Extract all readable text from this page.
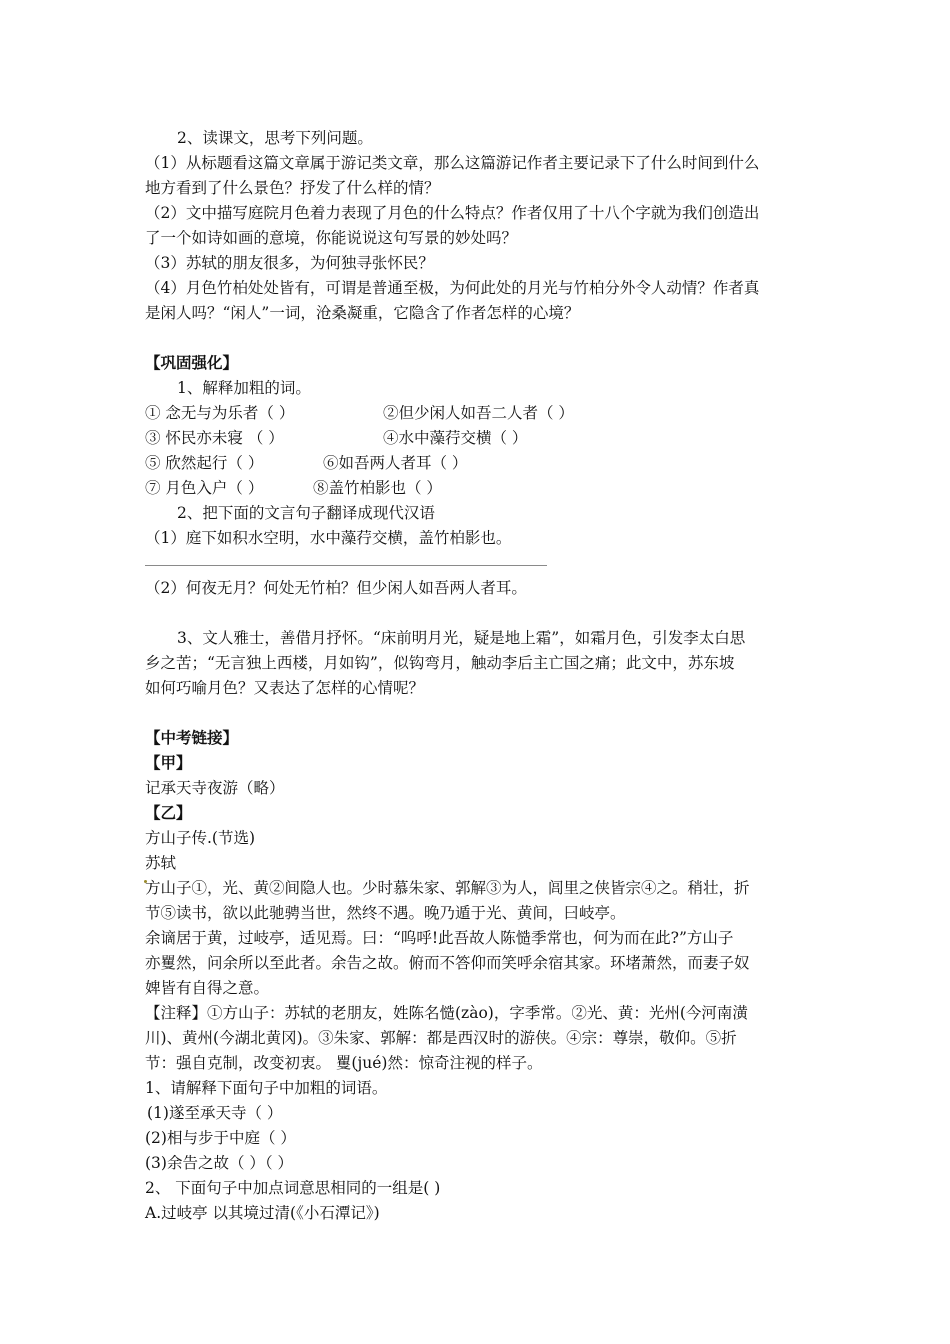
2、读课文，思考下列问题。

（1）从标题看这篇文章属于游记类文章，那么这篇游记作者主要记录下了什么时间到什么

地方看到了什么景色？抒发了什么样的情？

（2）文中描写庭院月色着力表现了月色的什么特点？作者仅用了十八个字就为我们创造出

了一个如诗如画的意境，你能说说这句写景的妙处吗？

（3）苏轼的朋友很多，为何独寻张怀民？

（4）月色竹柏处处皆有，可谓是普通至极，为何此处的月光与竹柏分外令人动情？作者真

是闲人吗？“闲人”一词，沧桑凝重，它隐含了作者怎样的心境？

【巩固强化】

1、解释加粗的词。

① 念无与为乐者（ ）	②但少闲人如吾二人者（ ）

③ 怀民亦未寝 （ ）	④水中藻荇交横（ ）

⑤ 欣然起行（ ）	⑥如吾两人者耳（ ）

⑦ 月色入户（ ）	⑧盖竹柏影也（ ）

2、把下面的文言句子翻译成现代汉语

（1）庭下如积水空明，水中藻荇交横，盖竹柏影也。

（2）何夜无月？何处无竹柏？但少闲人如吾两人者耳。

3、文人雅士，善借月抒怀。“床前明月光，疑是地上霜”，如霜月色，引发李太白思

乡之苦；“无言独上西楼，月如钩”，似钩弯月，触动李后主亡国之痛；此文中，苏东坡

如何巧喻月色？又表达了怎样的心情呢？

【中考链接】

【甲】

记承天寺夜游（略）

【乙】

方山子传.(节选)

苏轼

方山子①，光、黄②间隐人也。少时慕朱家、郭解③为人，闾里之侠皆宗④之。稍壮，折

节⑤读书，欲以此驰骋当世，然终不遇。晚乃遁于光、黄间，曰岐亭。

余谪居于黄，过岐亭，适见焉。曰：“呜呼!此吾故人陈慥季常也，何为而在此?”方山子

亦矍然，问余所以至此者。余告之故。俯而不答仰而笑呼余宿其家。环堵萧然，而妻子奴

婢皆有自得之意。

【注释】①方山子：苏轼的老朋友，姓陈名慥(zào)，字季常。②光、黄：光州(今河南潢

川)、黄州(今湖北黄冈)。③朱家、郭解：都是西汉时的游侠。④宗：尊崇，敬仰。⑤折

节：强自克制，改变初衷。 矍(jué)然：惊奇注视的样子。

1、请解释下面句子中加粗的词语。

(1)遂至承天寺（ ）

(2)相与步于中庭（ ）

(3)余告之故（ ）（ ）

2、 下面句子中加点词意思相同的一组是( )

A.过岐亭 以其境过清(《小石潭记》)
